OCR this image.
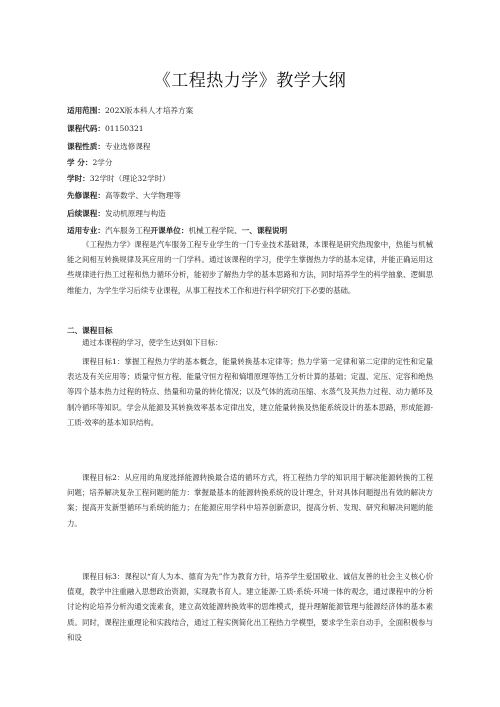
《工程热力学》教学大纲
适用范围：202X版本科人才培养方案
课程代码：01150321
课程性质：专业选修课程
学 分：2学分
学时：32学时（理论32学时）
先修课程：高等数学、大学物理等
后续课程：发动机原理与构造
适用专业：汽车服务工程开课单位：机械工程学院、一、课程说明

《工程热力学》课程是汽车服务工程专业学生的一门专业技术基础课，本课程是研究热现象中，热能与机械能之间相互转换规律及其应用的一门学科。通过该课程的学习，使学生掌握热力学的基本定律，并能正确运用这些规律进行热工过程和热力循环分析，能初步了解热力学的基本思路和方法，同时培养学生的科学抽象、逻辑思维能力，为学生学习后续专业课程，从事工程技术工作和进行科学研究打下必要的基础。

二、课程目标

通过本课程的学习，使学生达到如下目标：

课程目标1：掌握工程热力学的基本概念，能量转换基本定律等；热力学第一定律和第二定律的定性和定量表达及有关应用等；质量守恒方程、能量守恒方程和熵增原理等热工分析计算的基础；定温、定压、定容和绝热等四个基本热力过程的特点、热量和功量的转化情况；以及气体的流动压缩、水蒸气及其热力过程、动力循环及制冷循环等知识。学会从能源及其转换效率基本定律出发，建立能量转换及热能系统设计的基本思路，形成能源-工质-效率的基本知识结构。

课程目标2：从应用的角度选择能源转换最合适的循环方式，将工程热力学的知识用于解决能源转换的工程问题；培养解决复杂工程问题的能力：掌握最基本的能源转换系统的设计理念，针对具体问题提出有效的解决方案；提高开发新型循环与系统的能力；在能源应用学科中培养创新意识，提高分析、发现、研究和解决问题的能力。

课程目标3：课程以“育人为本、德育为先”作为教育方针，培养学生爱国敬业、诚信友善的社会主义核心价值观，教学中注重融入思想政治资源，实现教书育人。建立能源-工质-系统-环境一体的观念，通过课程中的分析讨论构论培养分析沟通交流素食，建立高效能源转换效率的思维模式，提升理解能源管理与能源经济体的基本素质。同时，课程注重理论和实践结合，通过工程实例简化出工程热力学模型，要求学生亲自动手，全面积极参与和设
